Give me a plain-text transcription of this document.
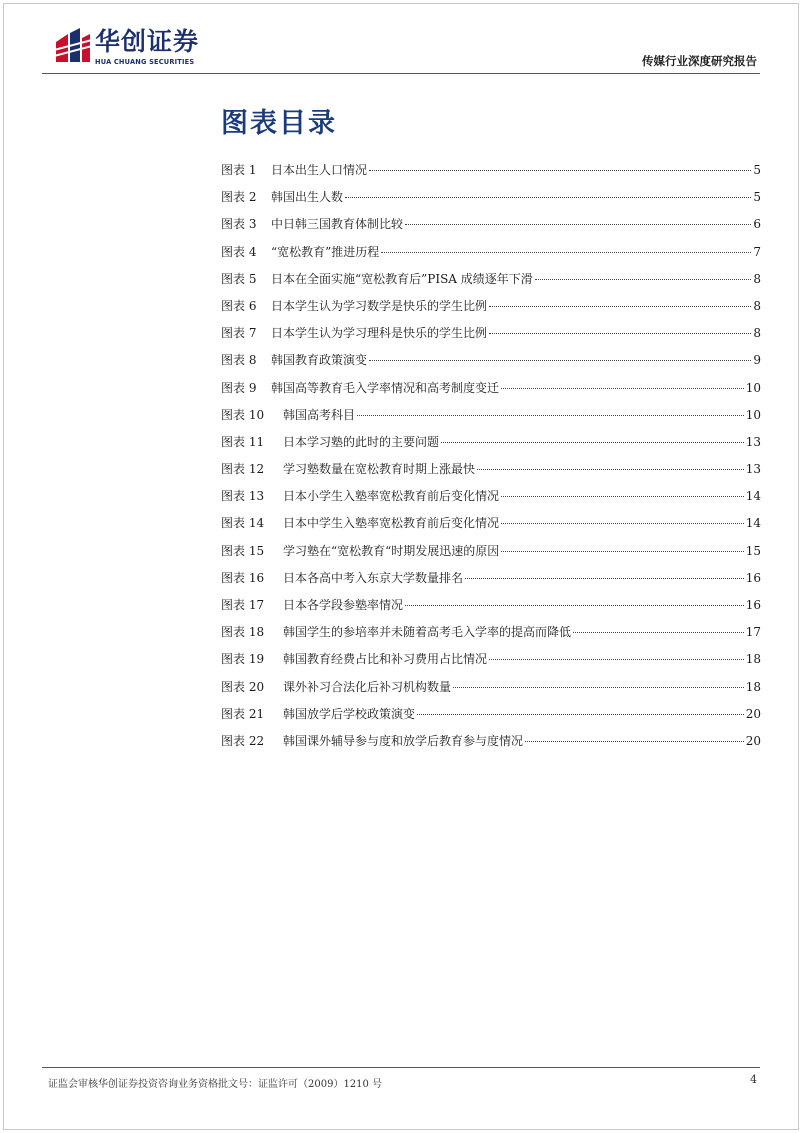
华创证券
HUA CHUANG SECURITIES	传媒行业深度研究报告
图表目录
图表 1	日本出生人口情况	5
图表 2	韩国出生人数	5
图表 3	中日韩三国教育体制比较	6
图表 4	“宽松教育”推进历程	7
图表 5	日本在全面实施“宽松教育后”PISA 成绩逐年下滑	8
图表 6	日本学生认为学习数学是快乐的学生比例	8
图表 7	日本学生认为学习理科是快乐的学生比例	8
图表 8	韩国教育政策演变	9
图表 9	韩国高等教育毛入学率情况和高考制度变迁	10
图表 10	韩国高考科目	10
图表 11	日本学习塾的此时的主要问题	13
图表 12	学习塾数量在宽松教育时期上涨最快	13
图表 13	日本小学生入塾率宽松教育前后变化情况	14
图表 14	日本中学生入塾率宽松教育前后变化情况	14
图表 15	学习塾在“宽松教育“时期发展迅速的原因	15
图表 16	日本各高中考入东京大学数量排名	16
图表 17	日本各学段参塾率情况	16
图表 18	韩国学生的参培率并未随着高考毛入学率的提高而降低	17
图表 19	韩国教育经费占比和补习费用占比情况	18
图表 20	课外补习合法化后补习机构数量	18
图表 21	韩国放学后学校政策演变	20
图表 22	韩国课外辅导参与度和放学后教育参与度情况	20
证监会审核华创证券投资咨询业务资格批文号：证监许可（2009）1210 号	4
